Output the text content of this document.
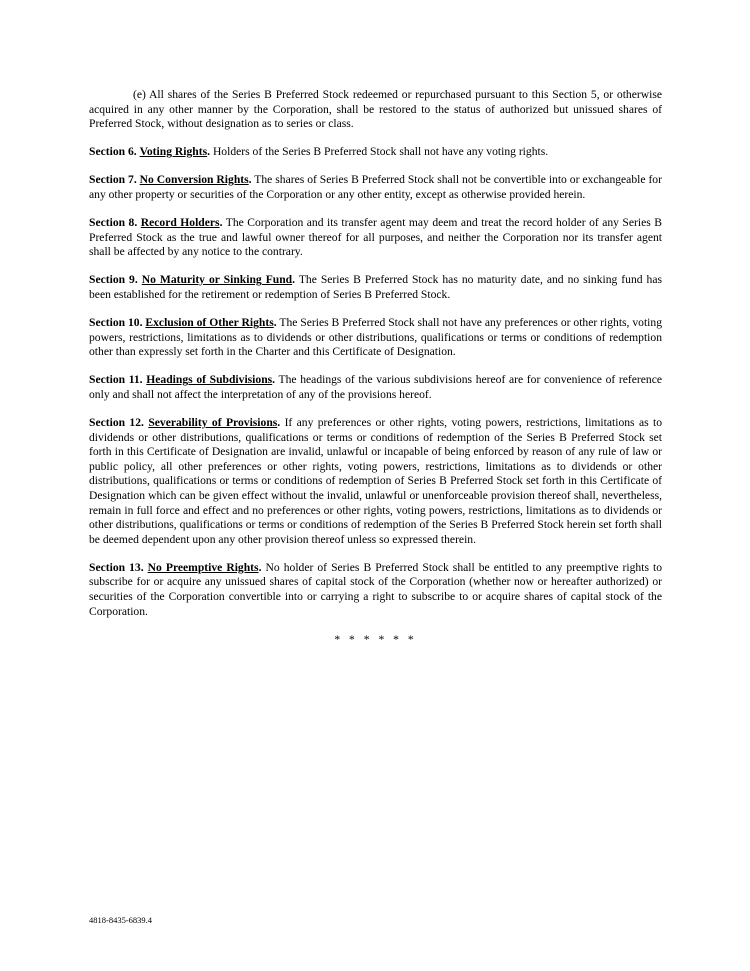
(e) All shares of the Series B Preferred Stock redeemed or repurchased pursuant to this Section 5, or otherwise acquired in any other manner by the Corporation, shall be restored to the status of authorized but unissued shares of Preferred Stock, without designation as to series or class.

Section 6. Voting Rights. Holders of the Series B Preferred Stock shall not have any voting rights.

Section 7. No Conversion Rights. The shares of Series B Preferred Stock shall not be convertible into or exchangeable for any other property or securities of the Corporation or any other entity, except as otherwise provided herein.

Section 8. Record Holders. The Corporation and its transfer agent may deem and treat the record holder of any Series B Preferred Stock as the true and lawful owner thereof for all purposes, and neither the Corporation nor its transfer agent shall be affected by any notice to the contrary.

Section 9. No Maturity or Sinking Fund. The Series B Preferred Stock has no maturity date, and no sinking fund has been established for the retirement or redemption of Series B Preferred Stock.

Section 10. Exclusion of Other Rights. The Series B Preferred Stock shall not have any preferences or other rights, voting powers, restrictions, limitations as to dividends or other distributions, qualifications or terms or conditions of redemption other than expressly set forth in the Charter and this Certificate of Designation.

Section 11. Headings of Subdivisions. The headings of the various subdivisions hereof are for convenience of reference only and shall not affect the interpretation of any of the provisions hereof.

Section 12. Severability of Provisions. If any preferences or other rights, voting powers, restrictions, limitations as to dividends or other distributions, qualifications or terms or conditions of redemption of the Series B Preferred Stock set forth in this Certificate of Designation are invalid, unlawful or incapable of being enforced by reason of any rule of law or public policy, all other preferences or other rights, voting powers, restrictions, limitations as to dividends or other distributions, qualifications or terms or conditions of redemption of Series B Preferred Stock set forth in this Certificate of Designation which can be given effect without the invalid, unlawful or unenforceable provision thereof shall, nevertheless, remain in full force and effect and no preferences or other rights, voting powers, restrictions, limitations as to dividends or other distributions, qualifications or terms or conditions of redemption of the Series B Preferred Stock herein set forth shall be deemed dependent upon any other provision thereof unless so expressed therein.

Section 13. No Preemptive Rights. No holder of Series B Preferred Stock shall be entitled to any preemptive rights to subscribe for or acquire any unissued shares of capital stock of the Corporation (whether now or hereafter authorized) or securities of the Corporation convertible into or carrying a right to subscribe to or acquire shares of capital stock of the Corporation.

* * * * * *
4818-8435-6839.4
